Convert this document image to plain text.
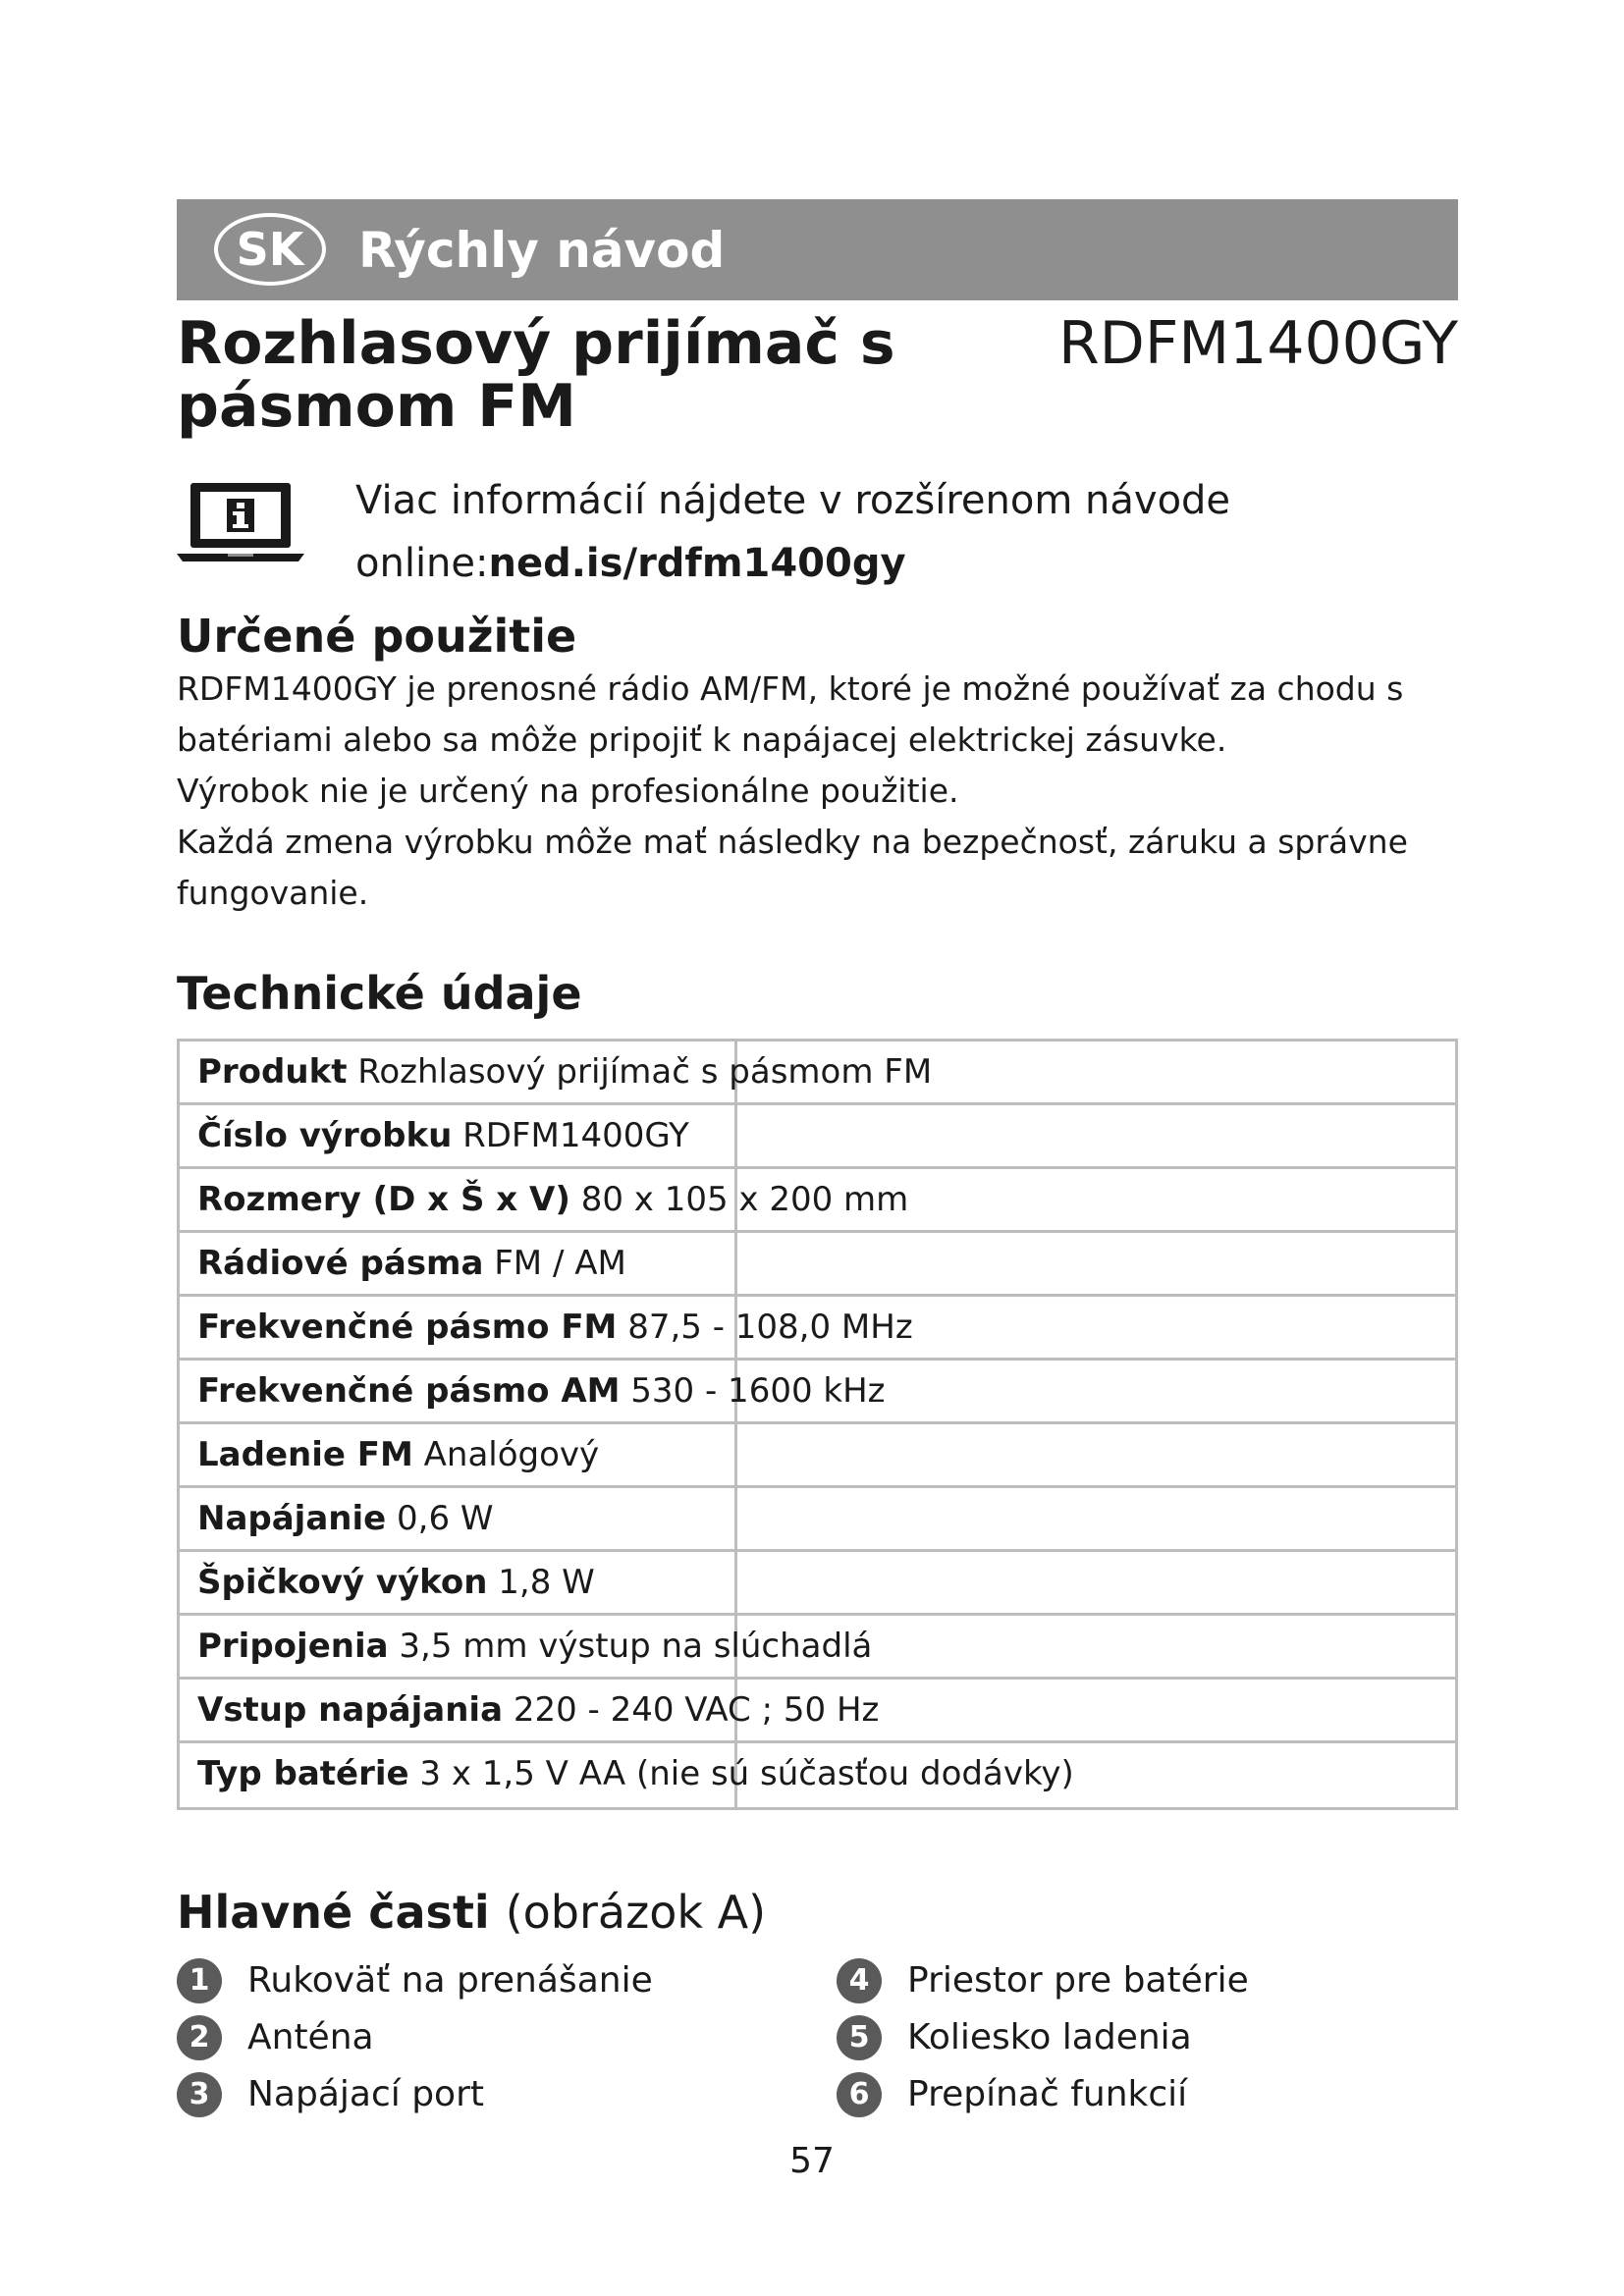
SK	Rýchly návod
Rozhlasový prijímač s pásmom FM
RDFM1400GY
Viac informácií nájdete v rozšírenom návode
online:ned.is/rdfm1400gy
Určené použitie
RDFM1400GY je prenosné rádio AM/FM, ktoré je možné používať za chodu s batériami alebo sa môže pripojiť k napájacej elektrickej zásuvke.
Výrobok nie je určený na profesionálne použitie.
Každá zmena výrobku môže mať následky na bezpečnosť, záruku a správne fungovanie.
Technické údaje
Produkt Rozhlasový prijímač s pásmom FM
Číslo výrobku RDFM1400GY
Rozmery (D x Š x V) 80 x 105 x 200 mm
Rádiové pásma FM / AM
Frekvenčné pásmo FM 87,5 - 108,0 MHz
Frekvenčné pásmo AM 530 - 1600 kHz
Ladenie FM Analógový
Napájanie 0,6 W
Špičkový výkon 1,8 W
Pripojenia 3,5 mm výstup na slúchadlá
Vstup napájania 220 - 240 VAC ; 50 Hz
Typ batérie 3 x 1,5 V AA (nie sú súčasťou dodávky)
Hlavné časti (obrázok A)
1	Rukoväť na prenášanie
2	Anténa
3	Napájací port
4	Priestor pre batérie
5	Koliesko ladenia
6	Prepínač funkcií
57
